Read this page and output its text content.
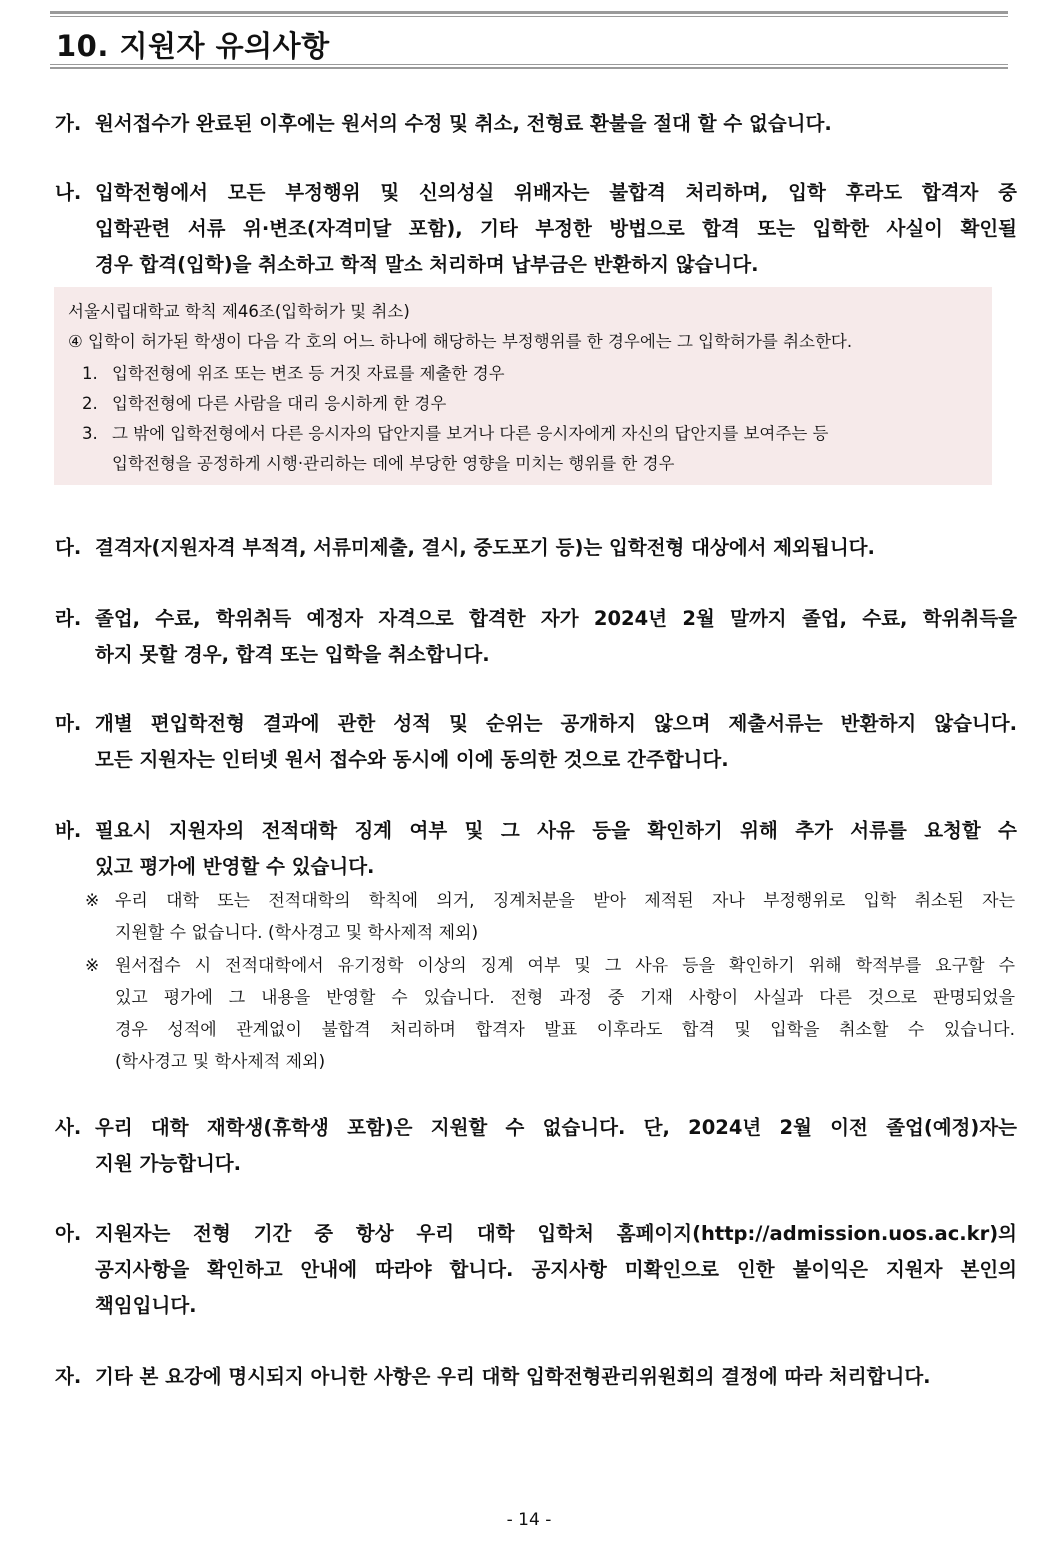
10. 지원자 유의사항
가. 원서접수가 완료된 이후에는 원서의 수정 및 취소, 전형료 환불을 절대 할 수 없습니다.
나. 입학전형에서 모든 부정행위 및 신의성실 위배자는 불합격 처리하며, 입학 후라도 합격자 중
입학관련 서류 위·변조(자격미달 포함), 기타 부정한 방법으로 합격 또는 입학한 사실이 확인될
경우 합격(입학)을 취소하고 학적 말소 처리하며 납부금은 반환하지 않습니다.
서울시립대학교 학칙 제46조(입학허가 및 취소)
④ 입학이 허가된 학생이 다음 각 호의 어느 하나에 해당하는 부정행위를 한 경우에는 그 입학허가를 취소한다.
1. 입학전형에 위조 또는 변조 등 거짓 자료를 제출한 경우
2. 입학전형에 다른 사람을 대리 응시하게 한 경우
3. 그 밖에 입학전형에서 다른 응시자의 답안지를 보거나 다른 응시자에게 자신의 답안지를 보여주는 등
입학전형을 공정하게 시행·관리하는 데에 부당한 영향을 미치는 행위를 한 경우
다. 결격자(지원자격 부적격, 서류미제출, 결시, 중도포기 등)는 입학전형 대상에서 제외됩니다.
라. 졸업, 수료, 학위취득 예정자 자격으로 합격한 자가 2024년 2월 말까지 졸업, 수료, 학위취득을
하지 못할 경우, 합격 또는 입학을 취소합니다.
마. 개별 편입학전형 결과에 관한 성적 및 순위는 공개하지 않으며 제출서류는 반환하지 않습니다.
모든 지원자는 인터넷 원서 접수와 동시에 이에 동의한 것으로 간주합니다.
바. 필요시 지원자의 전적대학 징계 여부 및 그 사유 등을 확인하기 위해 추가 서류를 요청할 수
있고 평가에 반영할 수 있습니다.
※ 우리 대학 또는 전적대학의 학칙에 의거, 징계처분을 받아 제적된 자나 부정행위로 입학 취소된 자는
지원할 수 없습니다. (학사경고 및 학사제적 제외)
※ 원서접수 시 전적대학에서 유기정학 이상의 징계 여부 및 그 사유 등을 확인하기 위해 학적부를 요구할 수
있고 평가에 그 내용을 반영할 수 있습니다. 전형 과정 중 기재 사항이 사실과 다른 것으로 판명되었을
경우 성적에 관계없이 불합격 처리하며 합격자 발표 이후라도 합격 및 입학을 취소할 수 있습니다.
(학사경고 및 학사제적 제외)
사. 우리 대학 재학생(휴학생 포함)은 지원할 수 없습니다. 단, 2024년 2월 이전 졸업(예정)자는
지원 가능합니다.
아. 지원자는 전형 기간 중 항상 우리 대학 입학처 홈페이지(http://admission.uos.ac.kr)의
공지사항을 확인하고 안내에 따라야 합니다. 공지사항 미확인으로 인한 불이익은 지원자 본인의
책임입니다.
자. 기타 본 요강에 명시되지 아니한 사항은 우리 대학 입학전형관리위원회의 결정에 따라 처리합니다.
- 14 -
